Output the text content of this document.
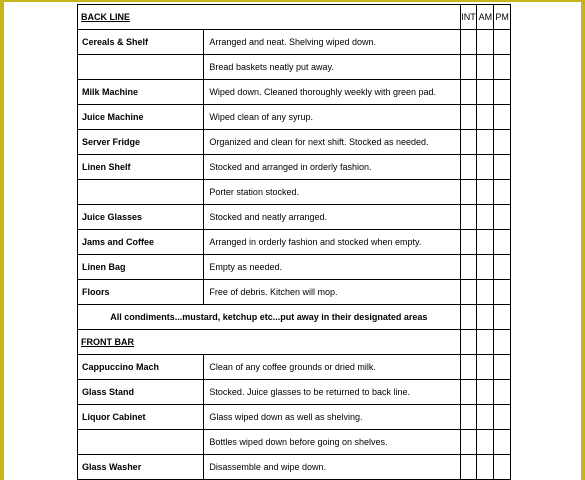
BACK LINE		INT	AM	PM
Cereals & Shelf	Arranged and neat. Shelving wiped down.			
	Bread baskets neatly put away.			
Milk Machine	Wiped down. Cleaned thoroughly weekly with green pad.			
Juice Machine	Wiped clean of any syrup.			
Server Fridge	Organized and clean for next shift. Stocked as needed.			
Linen Shelf	Stocked and arranged in orderly fashion.			
	Porter station stocked.			
Juice Glasses	Stocked and neatly arranged.			
Jams and Coffee	Arranged in orderly fashion and stocked when empty.			
Linen Bag	Empty as needed.			
Floors	Free of debris. Kitchen will mop.			
All condiments...mustard, ketchup etc...put away in their designated areas				
FRONT BAR				
Cappuccino Mach	Clean of any coffee grounds or dried milk.			
Glass Stand	Stocked. Juice glasses to be returned to back line.			
Liquor Cabinet	Glass wiped down as well as shelving.			
	Bottles wiped down before going on shelves.			
Glass Washer	Disassemble and wipe down.			
